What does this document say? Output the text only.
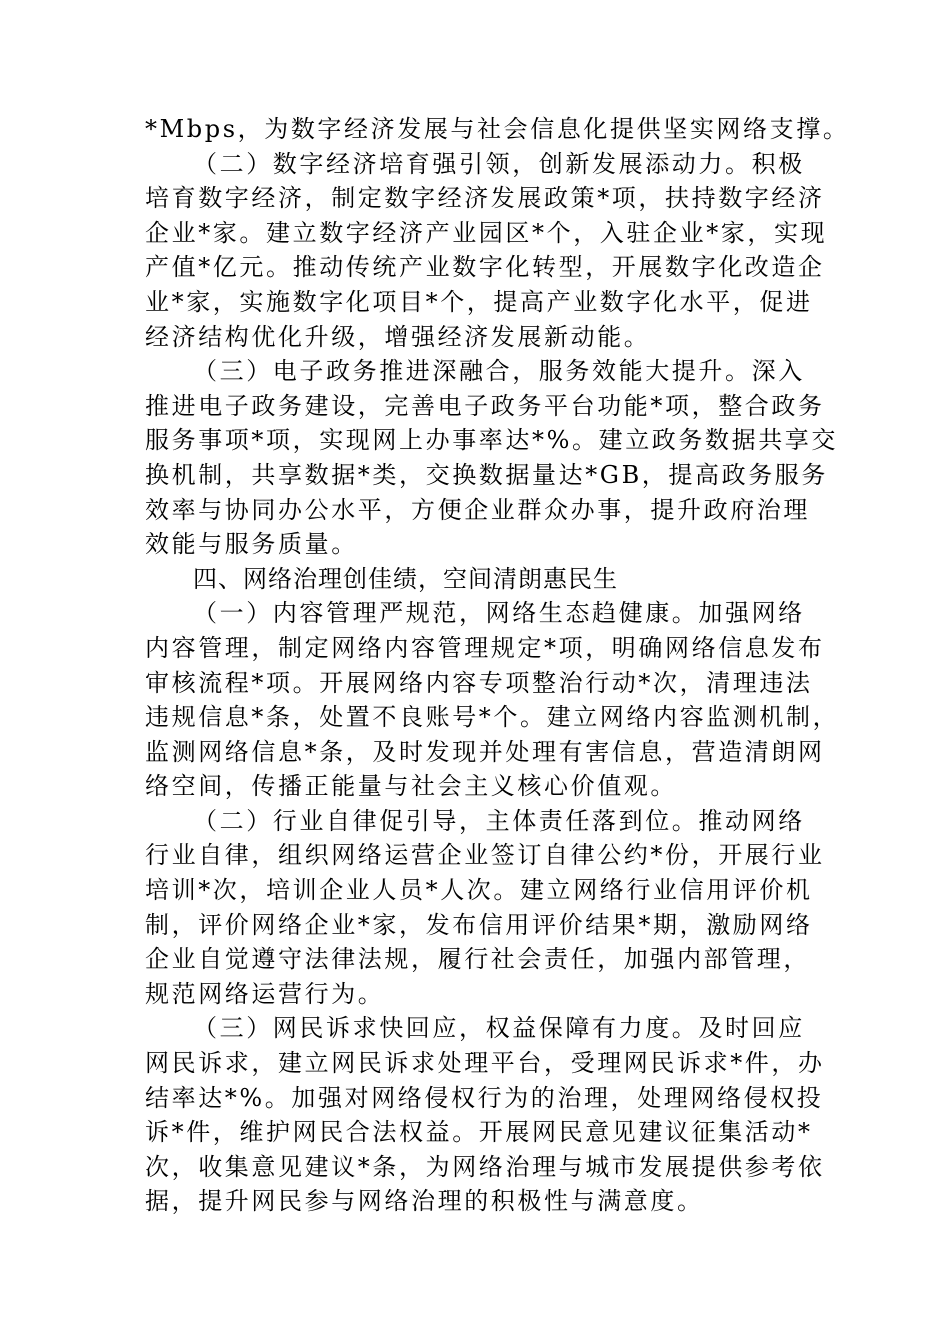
*Mbps，为数字经济发展与社会信息化提供坚实网络支撑。

（二）数字经济培育强引领，创新发展添动力。积极
培育数字经济，制定数字经济发展政策*项，扶持数字经济
企业*家。建立数字经济产业园区*个，入驻企业*家，实现
产值*亿元。推动传统产业数字化转型，开展数字化改造企
业*家，实施数字化项目*个，提高产业数字化水平，促进
经济结构优化升级，增强经济发展新动能。

（三）电子政务推进深融合，服务效能大提升。深入
推进电子政务建设，完善电子政务平台功能*项，整合政务
服务事项*项，实现网上办事率达*%。建立政务数据共享交
换机制，共享数据*类，交换数据量达*GB，提高政务服务
效率与协同办公水平，方便企业群众办事，提升政府治理
效能与服务质量。

四、网络治理创佳绩，空间清朗惠民生

（一）内容管理严规范，网络生态趋健康。加强网络
内容管理，制定网络内容管理规定*项，明确网络信息发布
审核流程*项。开展网络内容专项整治行动*次，清理违法
违规信息*条，处置不良账号*个。建立网络内容监测机制，
监测网络信息*条，及时发现并处理有害信息，营造清朗网
络空间，传播正能量与社会主义核心价值观。

（二）行业自律促引导，主体责任落到位。推动网络
行业自律，组织网络运营企业签订自律公约*份，开展行业
培训*次，培训企业人员*人次。建立网络行业信用评价机
制，评价网络企业*家，发布信用评价结果*期，激励网络
企业自觉遵守法律法规，履行社会责任，加强内部管理，
规范网络运营行为。

（三）网民诉求快回应，权益保障有力度。及时回应
网民诉求，建立网民诉求处理平台，受理网民诉求*件，办
结率达*%。加强对网络侵权行为的治理，处理网络侵权投
诉*件，维护网民合法权益。开展网民意见建议征集活动*
次，收集意见建议*条，为网络治理与城市发展提供参考依
据，提升网民参与网络治理的积极性与满意度。
